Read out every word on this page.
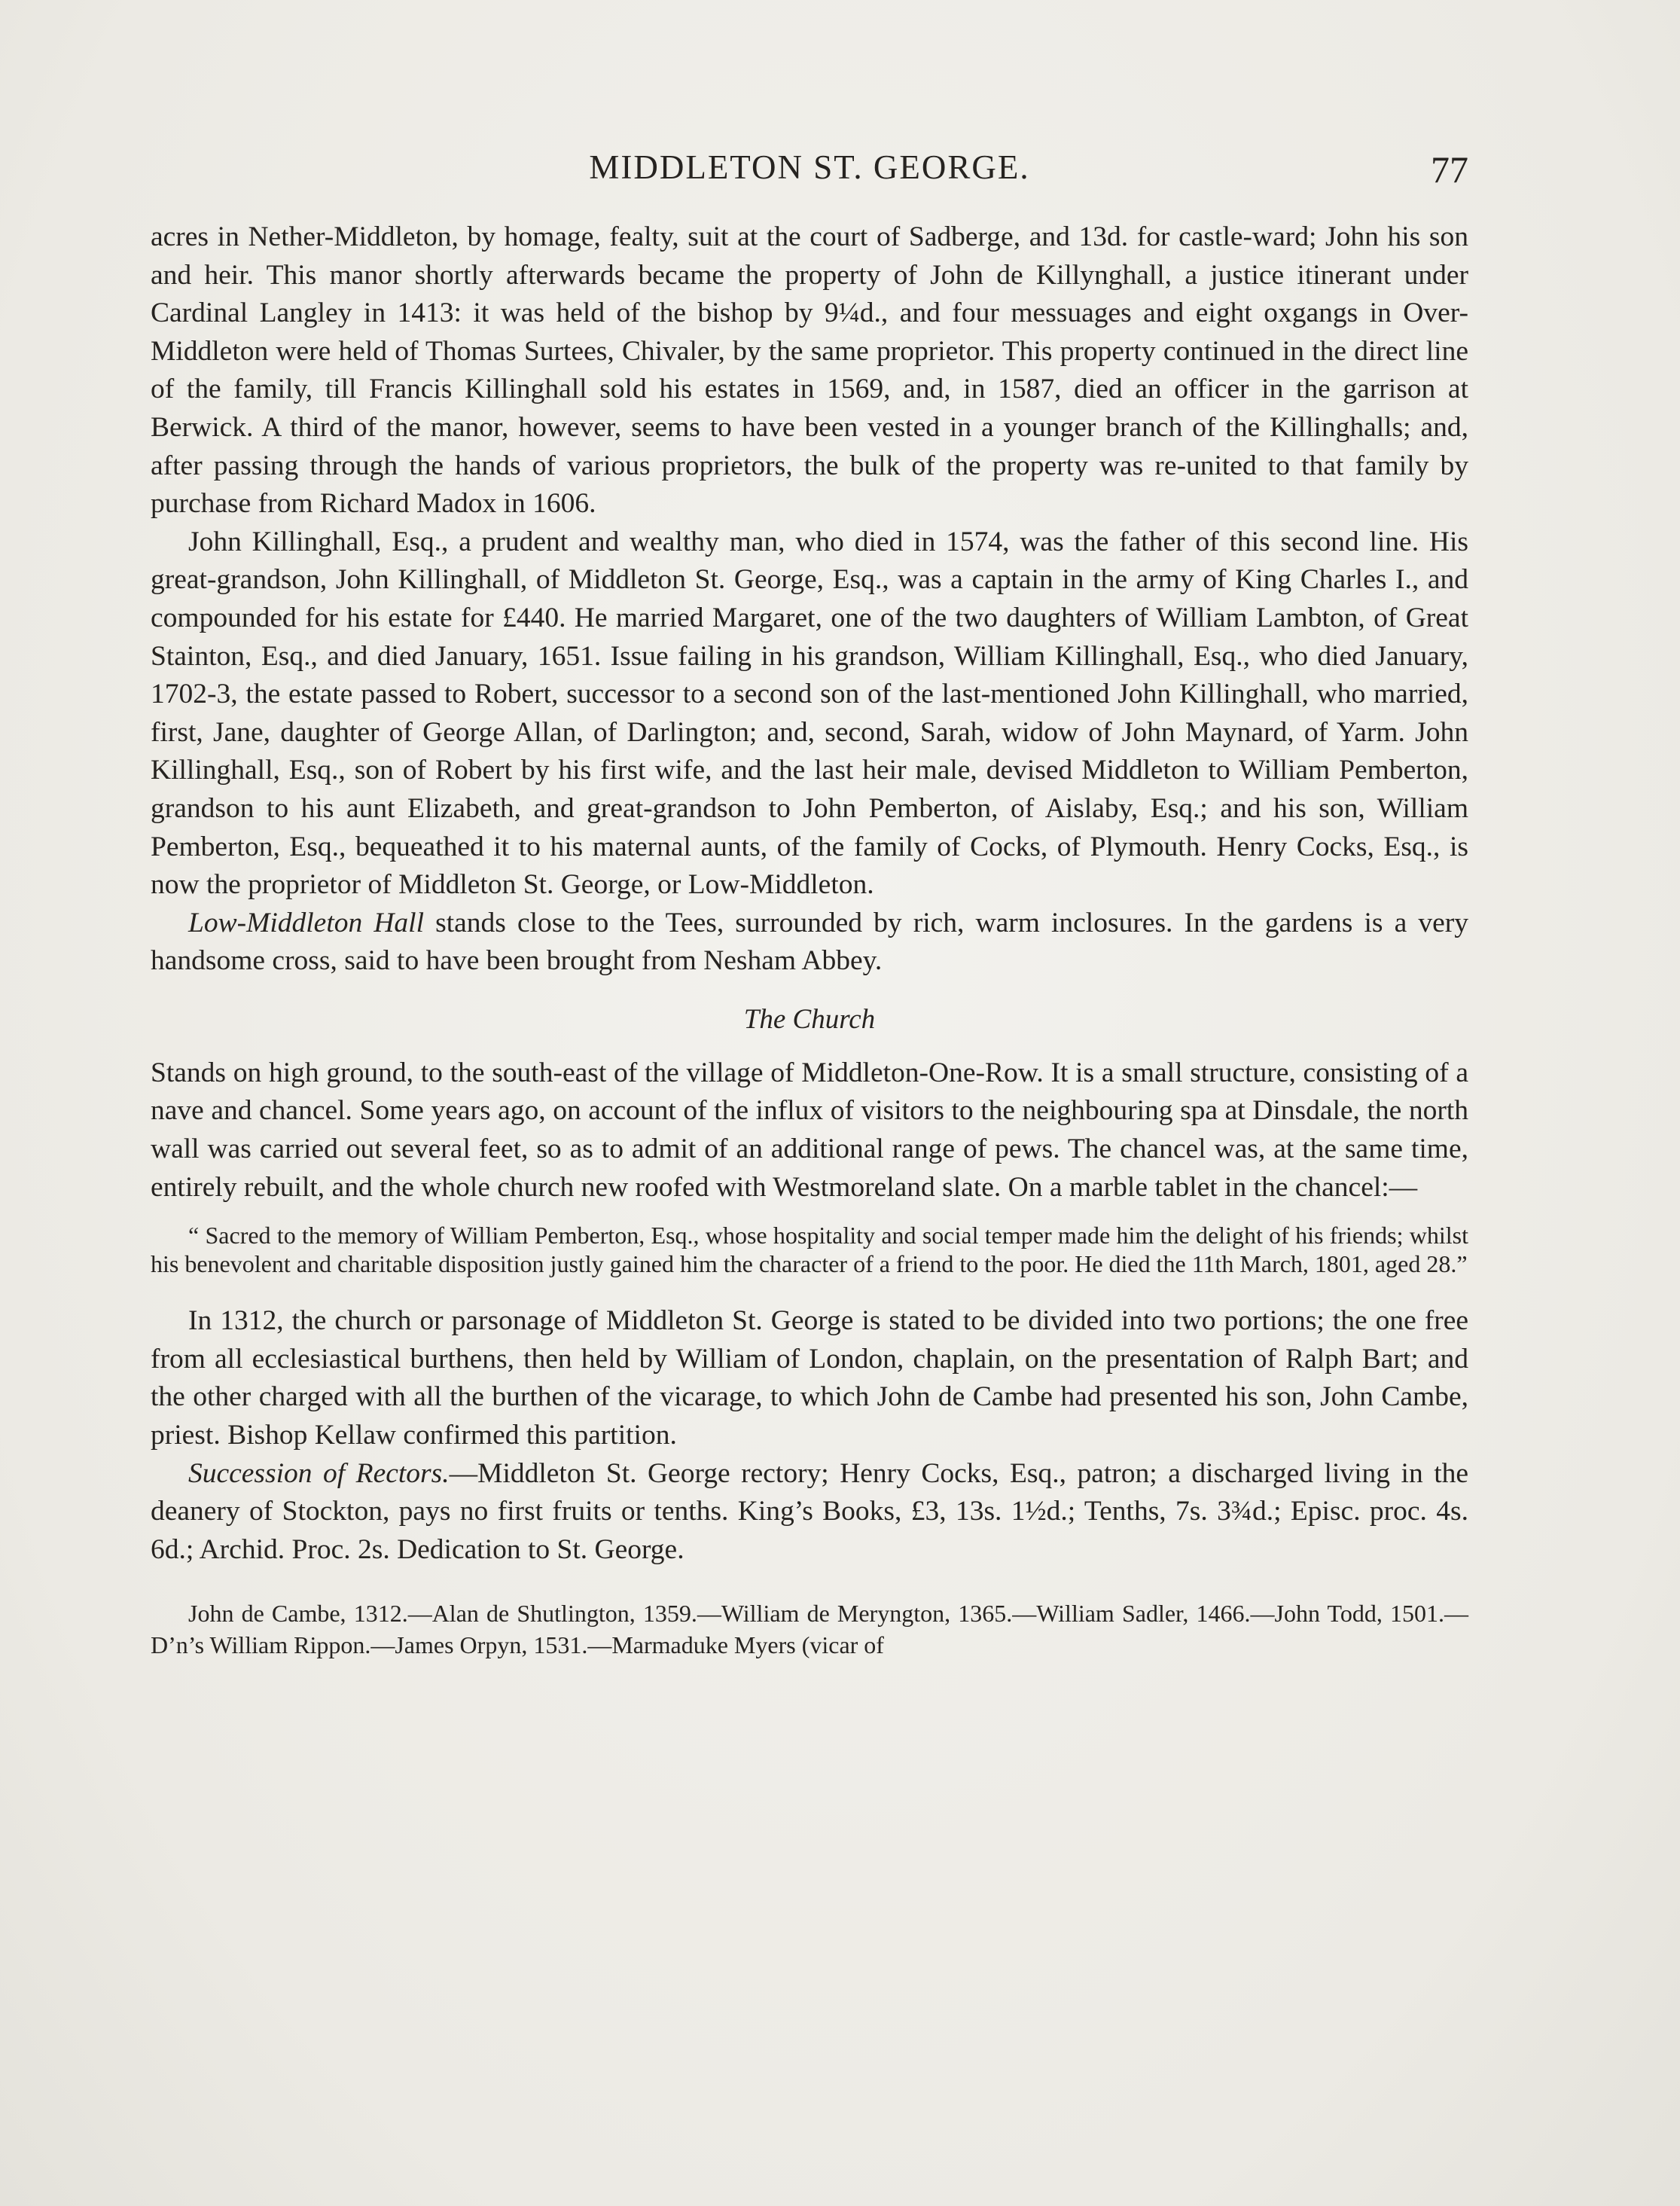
MIDDLETON ST. GEORGE.	77

acres in Nether-Middleton, by homage, fealty, suit at the court of Sadberge, and 13d. for castle-ward; John his son and heir. This manor shortly afterwards became the property of John de Killynghall, a justice itinerant under Cardinal Langley in 1413: it was held of the bishop by 9¼d., and four messuages and eight oxgangs in Over-Middleton were held of Thomas Surtees, Chivaler, by the same proprietor. This property continued in the direct line of the family, till Francis Killinghall sold his estates in 1569, and, in 1587, died an officer in the garrison at Berwick. A third of the manor, however, seems to have been vested in a younger branch of the Killinghalls; and, after passing through the hands of various proprietors, the bulk of the property was re-united to that family by purchase from Richard Madox in 1606.

John Killinghall, Esq., a prudent and wealthy man, who died in 1574, was the father of this second line. His great-grandson, John Killinghall, of Middleton St. George, Esq., was a captain in the army of King Charles I., and compounded for his estate for £440. He married Margaret, one of the two daughters of William Lambton, of Great Stainton, Esq., and died January, 1651. Issue failing in his grandson, William Killinghall, Esq., who died January, 1702-3, the estate passed to Robert, successor to a second son of the last-mentioned John Killinghall, who married, first, Jane, daughter of George Allan, of Darlington; and, second, Sarah, widow of John Maynard, of Yarm. John Killinghall, Esq., son of Robert by his first wife, and the last heir male, devised Middleton to William Pemberton, grandson to his aunt Elizabeth, and great-grandson to John Pemberton, of Aislaby, Esq.; and his son, William Pemberton, Esq., bequeathed it to his maternal aunts, of the family of Cocks, of Plymouth. Henry Cocks, Esq., is now the proprietor of Middleton St. George, or Low-Middleton.

Low-Middleton Hall stands close to the Tees, surrounded by rich, warm inclosures. In the gardens is a very handsome cross, said to have been brought from Nesham Abbey.

The Church

Stands on high ground, to the south-east of the village of Middleton-One-Row. It is a small structure, consisting of a nave and chancel. Some years ago, on account of the influx of visitors to the neighbouring spa at Dinsdale, the north wall was carried out several feet, so as to admit of an additional range of pews. The chancel was, at the same time, entirely rebuilt, and the whole church new roofed with Westmoreland slate. On a marble tablet in the chancel:—

“ Sacred to the memory of William Pemberton, Esq., whose hospitality and social temper made him the delight of his friends; whilst his benevolent and charitable disposition justly gained him the character of a friend to the poor. He died the 11th March, 1801, aged 28.”

In 1312, the church or parsonage of Middleton St. George is stated to be divided into two portions; the one free from all ecclesiastical burthens, then held by William of London, chaplain, on the presentation of Ralph Bart; and the other charged with all the burthen of the vicarage, to which John de Cambe had presented his son, John Cambe, priest. Bishop Kellaw confirmed this partition.

Succession of Rectors.—Middleton St. George rectory; Henry Cocks, Esq., patron; a discharged living in the deanery of Stockton, pays no first fruits or tenths. King’s Books, £3, 13s. 1½d.; Tenths, 7s. 3¾d.; Episc. proc. 4s. 6d.; Archid. Proc. 2s. Dedication to St. George.

John de Cambe, 1312.—Alan de Shutlington, 1359.—William de Meryngton, 1365.—William Sadler, 1466.—John Todd, 1501.—D’n’s William Rippon.—James Orpyn, 1531.—Marmaduke Myers (vicar of
